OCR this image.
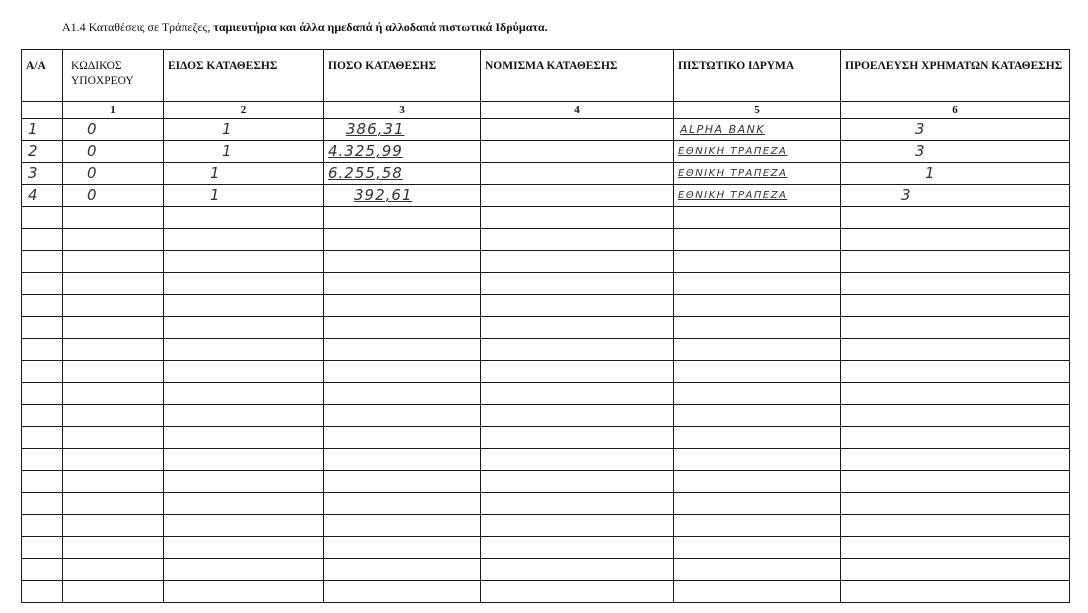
Α1.4 Καταθέσεις σε Τράπεζες, ταμιευτήρια και άλλα ημεδαπά ή αλλοδαπά πιστωτικά Ιδρύματα.
Α/Α	ΚΩΔΙΚΟΣ ΥΠΟΧΡΕΟΥ	ΕΙΔΟΣ ΚΑΤΑΘΕΣΗΣ	ΠΟΣΟ ΚΑΤΑΘΕΣΗΣ	ΝΟΜΙΣΜΑ ΚΑΤΑΘΕΣΗΣ	ΠΙΣΤΩΤΙΚΟ ΙΔΡΥΜΑ	ΠΡΟΕΛΕΥΣΗ ΧΡΗΜΑΤΩΝ ΚΑΤΑΘΕΣΗΣ
	1	2	3	4	5	6
1	0	1	386,31		ALPHA BANK	3
2	0	1	4.325,99		ΕΘΝΙΚΗ ΤΡΑΠΕΖΑ	3
3	0	1	6.255,58		ΕΘΝΙΚΗ ΤΡΑΠΕΖΑ	1
4	0	1	392,61		ΕΘΝΙΚΗ ΤΡΑΠΕΖΑ	3
